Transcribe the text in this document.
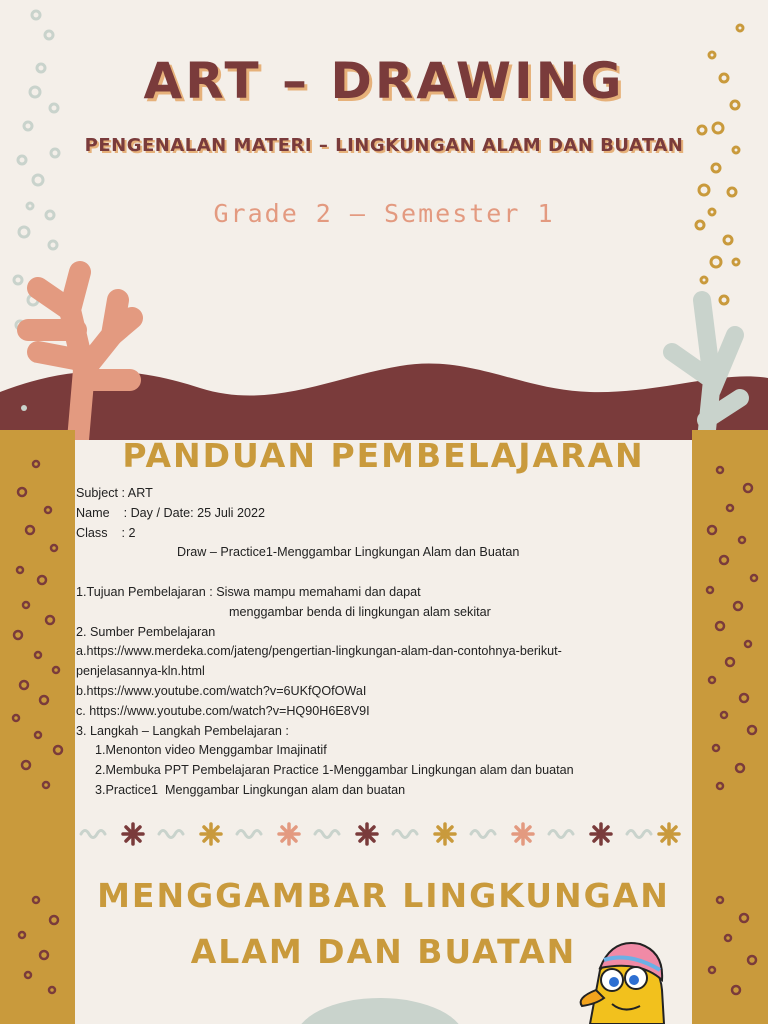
ART – DRAWING
PENGENALAN MATERI – LINGKUNGAN ALAM DAN BUATAN
Grade 2 – Semester 1
PANDUAN PEMBELAJARAN
Subject : ART
Name    : Day / Date: 25 Juli 2022
Class    : 2
Draw – Practice1-Menggambar Lingkungan Alam dan Buatan
1.Tujuan Pembelajaran : Siswa mampu memahami dan dapat
menggambar benda di lingkungan alam sekitar
2. Sumber Pembelajaran
a.https://www.merdeka.com/jateng/pengertian-lingkungan-alam-dan-contohnya-berikut-
penjelasannya-kln.html
b.https://www.youtube.com/watch?v=6UKfQOfOWaI
c. https://www.youtube.com/watch?v=HQ90H6E8V9I
3. Langkah – Langkah Pembelajaran :
1.Menonton video Menggambar Imajinatif
2.Membuka PPT Pembelajaran Practice 1-Menggambar Lingkungan alam dan buatan
3.Practice1  Menggambar Lingkungan alam dan buatan
MENGGAMBAR LINGKUNGAN
ALAM DAN BUATAN
